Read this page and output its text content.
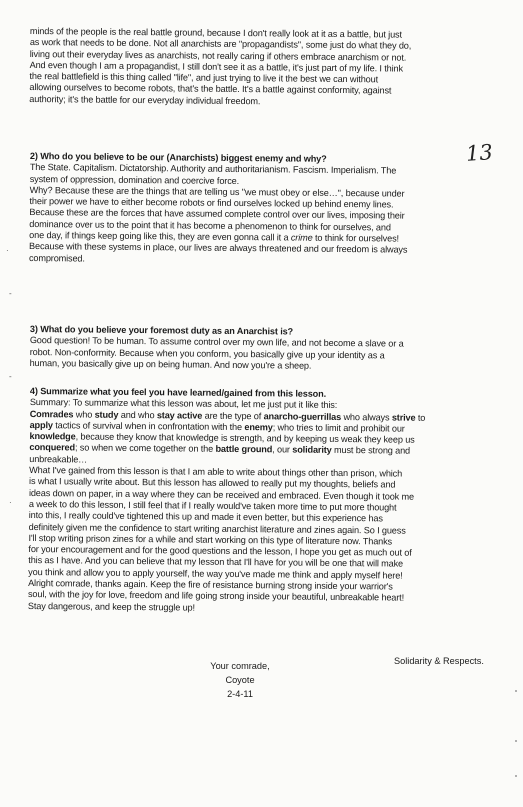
minds of the people is the real battle ground, because I don't really look at it as a battle, but just

as work that needs to be done. Not all anarchists are "propagandists", some just do what they do,

living out their everyday lives as anarchists, not really caring if others embrace anarchism or not.

And even though I am a propagandist, I still don't see it as a battle, it's just part of my life. I think

the real battlefield is this thing called "life", and just trying to live it the best we can without

allowing ourselves to become robots, that's the battle. It's a battle against conformity, against

authority; it's the battle for our everyday individual freedom.

13

2) Who do you believe to be our (Anarchists) biggest enemy and why?

The State. Capitalism. Dictatorship. Authority and authoritarianism. Fascism. Imperialism. The

system of oppression, domination and coercive force.

Why? Because these are the things that are telling us "we must obey or else…", because under

their power we have to either become robots or find ourselves locked up behind enemy lines.

Because these are the forces that have assumed complete control over our lives, imposing their

dominance over us to the point that it has become a phenomenon to think for ourselves, and

one day, if things keep going like this, they are even gonna call it a crime to think for ourselves!

Because with these systems in place, our lives are always threatened and our freedom is always

compromised.

3) What do you believe your foremost duty as an Anarchist is?

Good question! To be human. To assume control over my own life, and not become a slave or a

robot. Non-conformity. Because when you conform, you basically give up your identity as a

human, you basically give up on being human. And now you're a sheep.

4) Summarize what you feel you have learned/gained from this lesson.

Summary: To summarize what this lesson was about, let me just put it like this:

Comrades who study and who stay active are the type of anarcho-guerrillas who always strive to

apply tactics of survival when in confrontation with the enemy; who tries to limit and prohibit our

knowledge, because they know that knowledge is strength, and by keeping us weak they keep us

conquered; so when we come together on the battle ground, our solidarity must be strong and

unbreakable…

What I've gained from this lesson is that I am able to write about things other than prison, which

is what I usually write about. But this lesson has allowed to really put my thoughts, beliefs and

ideas down on paper, in a way where they can be received and embraced. Even though it took me

a week to do this lesson, I still feel that if I really would've taken more time to put more thought

into this, I really could've tightened this up and made it even better, but this experience has

definitely given me the confidence to start writing anarchist literature and zines again. So I guess

I'll stop writing prison zines for a while and start working on this type of literature now. Thanks

for your encouragement and for the good questions and the lesson, I hope you get as much out of

this as I have. And you can believe that my lesson that I'll have for you will be one that will make

you think and allow you to apply yourself, the way you've made me think and apply myself here!

Alright comrade, thanks again. Keep the fire of resistance burning strong inside your warrior's

soul, with the joy for love, freedom and life going strong inside your beautiful, unbreakable heart!

Stay dangerous, and keep the struggle up!

Your comrade,
Coyote
2-4-11
Solidarity & Respects.
·
-
-
·
